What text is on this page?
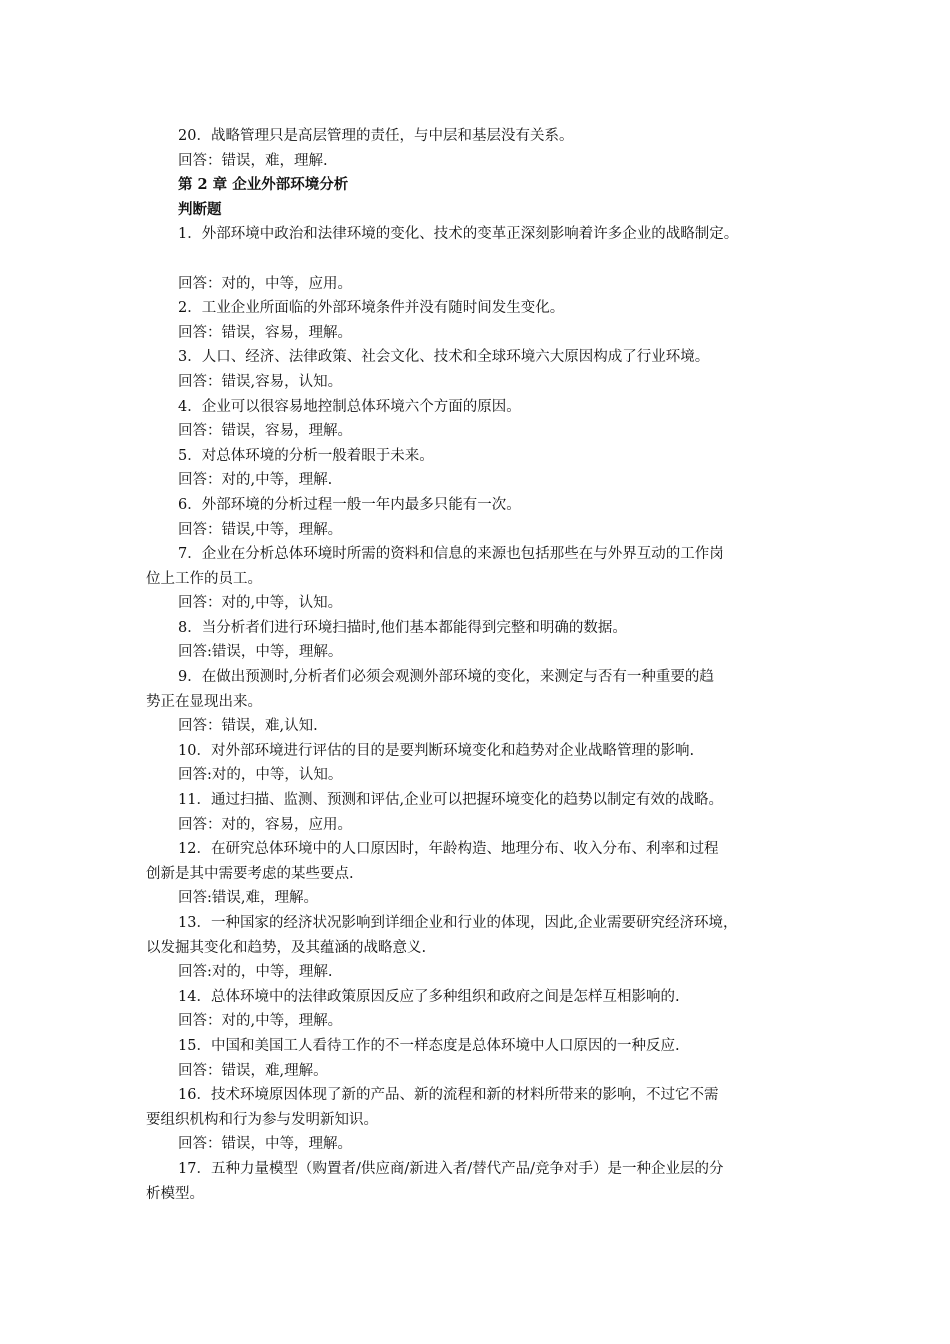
20．战略管理只是高层管理的责任，与中层和基层没有关系。
回答：错误，难，理解.
第 2 章 企业外部环境分析
判断题
1．外部环境中政治和法律环境的变化、技术的变革正深刻影响着许多企业的战略制定。
回答：对的，中等，应用。
2．工业企业所面临的外部环境条件并没有随时间发生变化。
回答：错误，容易，理解。
3．人口、经济、法律政策、社会文化、技术和全球环境六大原因构成了行业环境。
回答：错误,容易，认知。
4．企业可以很容易地控制总体环境六个方面的原因。
回答：错误，容易，理解。
5．对总体环境的分析一般着眼于未来。
回答：对的,中等，理解.
6．外部环境的分析过程一般一年内最多只能有一次。
回答：错误,中等，理解。
7．企业在分析总体环境时所需的资料和信息的来源也包括那些在与外界互动的工作岗
位上工作的员工。
回答：对的,中等，认知。
8．当分析者们进行环境扫描时,他们基本都能得到完整和明确的数据。
回答:错误，中等，理解。
9．在做出预测时,分析者们必须会观测外部环境的变化，来测定与否有一种重要的趋
势正在显现出来。
回答：错误，难,认知.
10．对外部环境进行评估的目的是要判断环境变化和趋势对企业战略管理的影响.
回答:对的，中等，认知。
11．通过扫描、监测、预测和评估,企业可以把握环境变化的趋势以制定有效的战略。
回答：对的，容易，应用。
12．在研究总体环境中的人口原因时，年龄构造、地理分布、收入分布、利率和过程
创新是其中需要考虑的某些要点.
回答:错误,难，理解。
13．一种国家的经济状况影响到详细企业和行业的体现，因此,企业需要研究经济环境，
以发掘其变化和趋势，及其蕴涵的战略意义.
回答:对的，中等，理解.
14．总体环境中的法律政策原因反应了多种组织和政府之间是怎样互相影响的.
回答：对的,中等，理解。
15．中国和美国工人看待工作的不一样态度是总体环境中人口原因的一种反应.
回答：错误，难,理解。
16．技术环境原因体现了新的产品、新的流程和新的材料所带来的影响，不过它不需
要组织机构和行为参与发明新知识。
回答：错误，中等，理解。
17．五种力量模型（购置者/供应商/新进入者/替代产品/竞争对手）是一种企业层的分
析模型。
